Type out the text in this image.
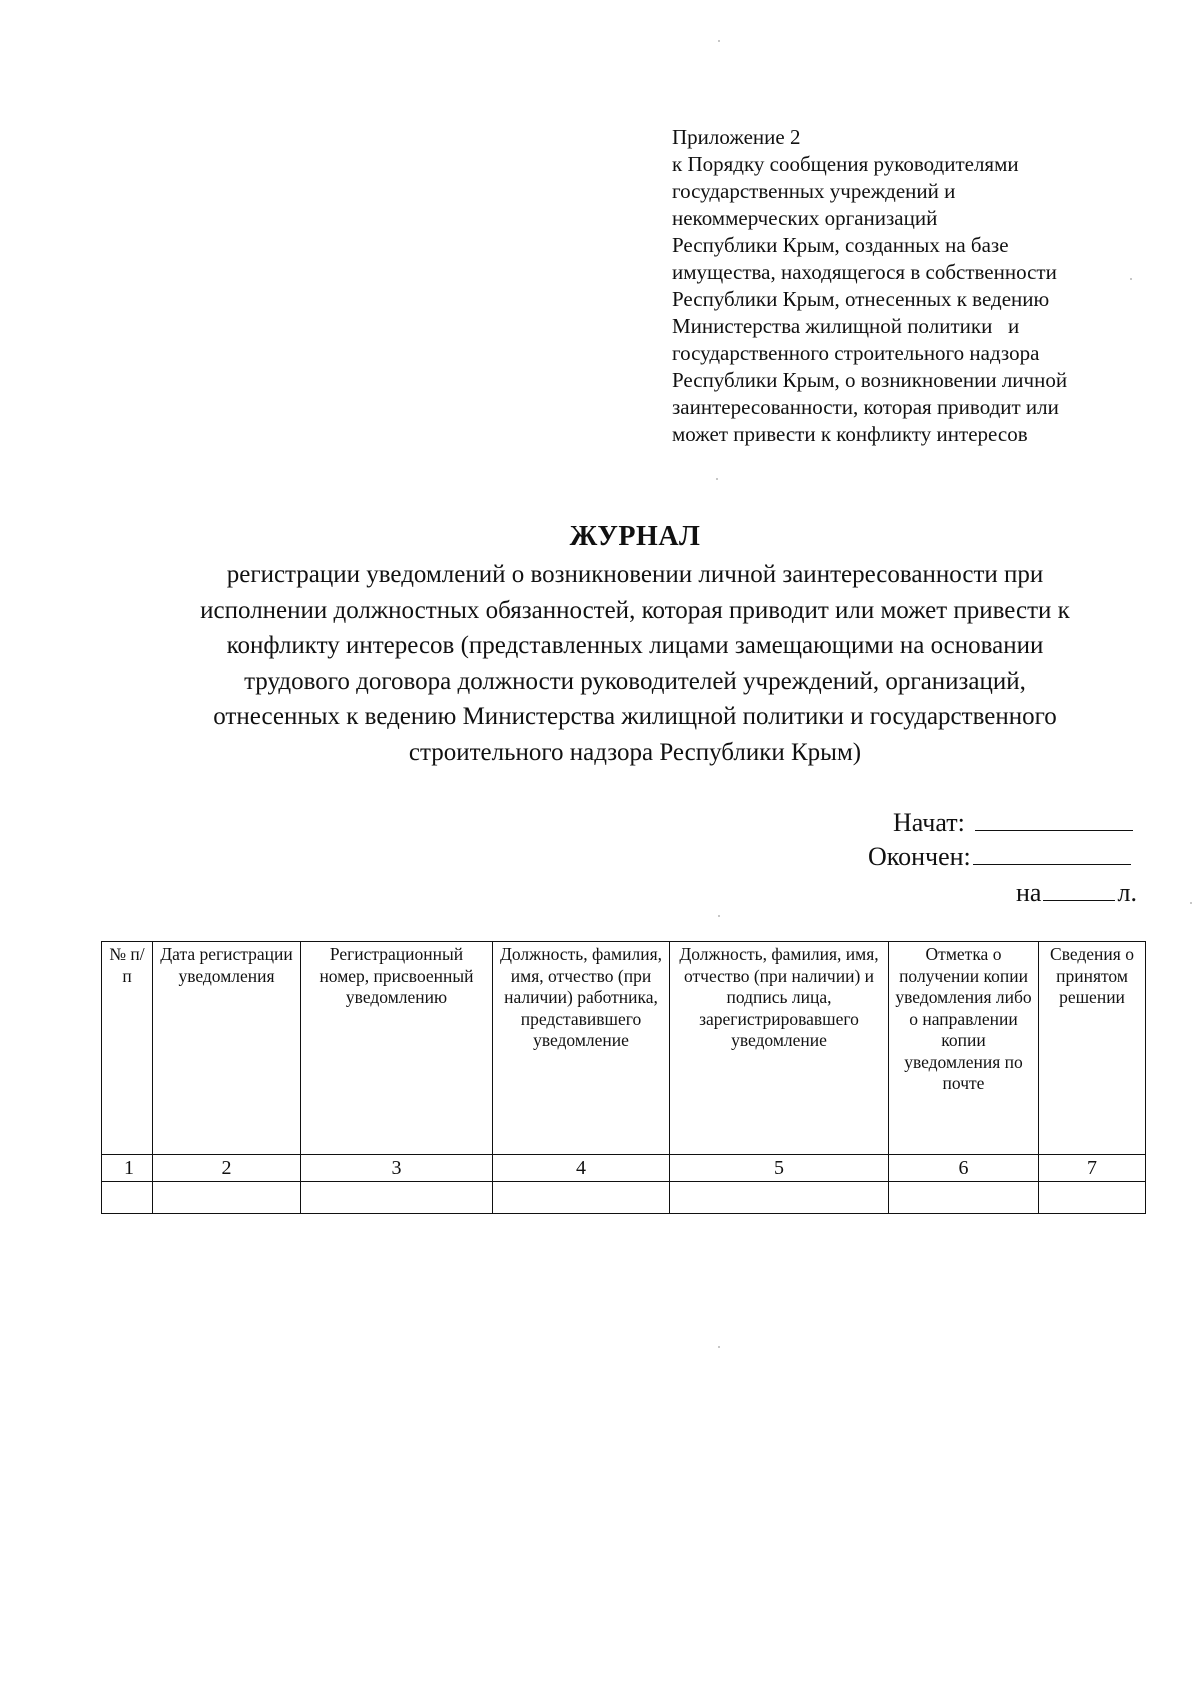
Приложение 2
к Порядку сообщения руководителями
государственных учреждений и
некоммерческих организаций
Республики Крым, созданных на базе
имущества, находящегося в собственности
Республики Крым, отнесенных к ведению
Министерства жилищной политики   и
государственного строительного надзора
Республики Крым, о возникновении личной
заинтересованности, которая приводит или
может привести к конфликту интересов
ЖУРНАЛ
регистрации уведомлений о возникновении личной заинтересованности при
исполнении должностных обязанностей, которая приводит или может привести к
конфликту интересов (представленных лицами замещающими на основании
трудового договора должности руководителей учреждений, организаций,
отнесенных к ведению Министерства жилищной политики и государственного
строительного надзора Республики Крым)
Начат:
Окончен:
на	л.
№ п/п	Дата регистрации уведомления	Регистрационный номер, присвоенный уведомлению	Должность, фамилия, имя, отчество (при наличии) работника, представившего уведомление	Должность, фамилия, имя, отчество (при наличии) и подпись лица, зарегистрировавшего уведомление	Отметка о получении копии уведомления либо о направлении копии уведомления по почте	Сведения о принятом решении
1	2	3	4	5	6	7
